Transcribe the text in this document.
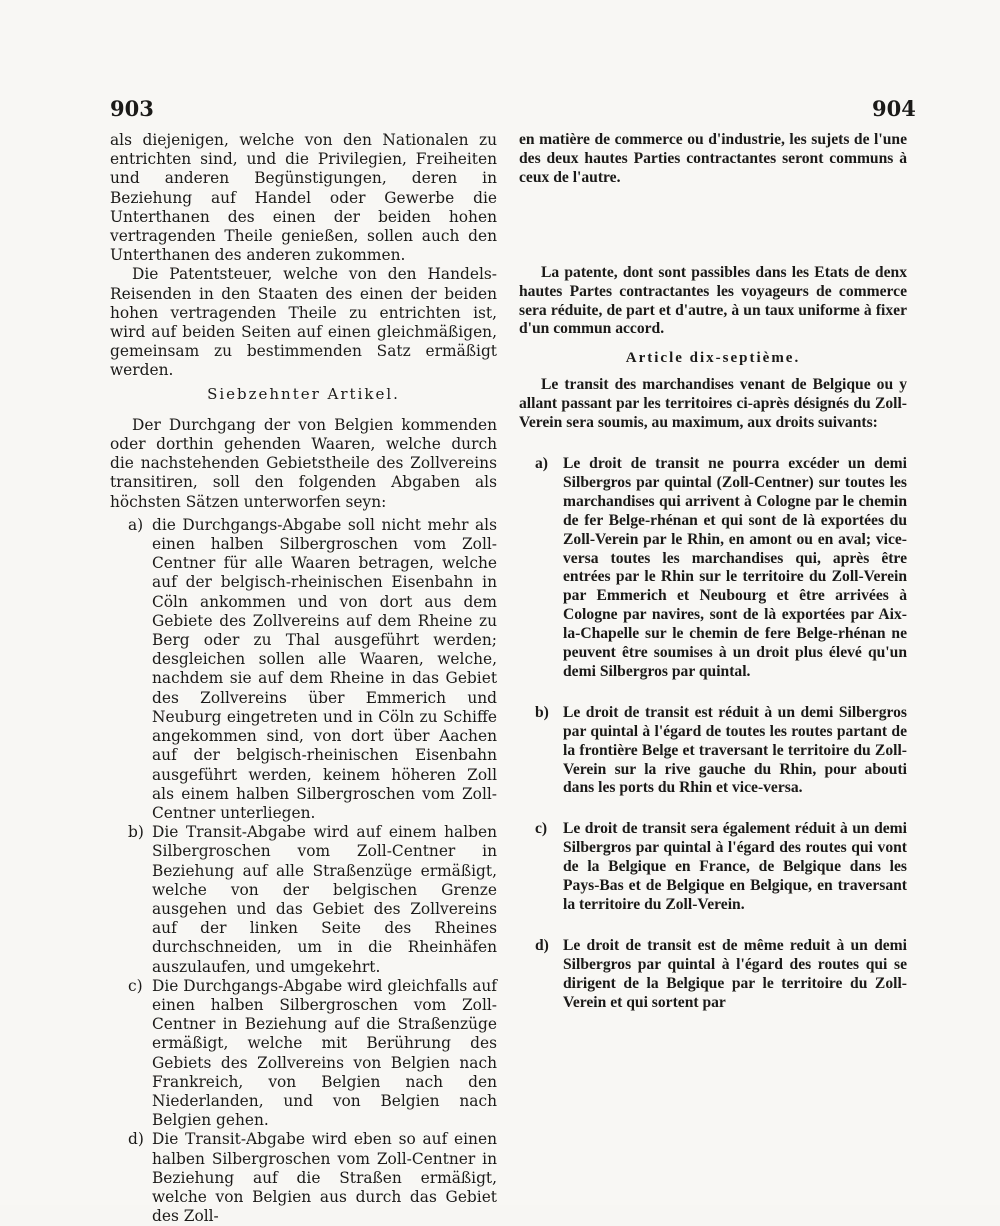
903	904

als diejenigen, welche von den Nationalen zu entrichten sind, und die Privilegien, Freiheiten und anderen Begünstigungen, deren in Beziehung auf Handel oder Gewerbe die Unterthanen des einen der beiden hohen vertragenden Theile genießen, sollen auch den Unterthanen des anderen zukommen.

Die Patentsteuer, welche von den Handels-Reisenden in den Staaten des einen der beiden hohen vertragenden Theile zu entrichten ist, wird auf beiden Seiten auf einen gleichmäßigen, gemeinsam zu bestimmenden Satz ermäßigt werden.

Siebzehnter Artikel.

Der Durchgang der von Belgien kommenden oder dorthin gehenden Waaren, welche durch die nachstehenden Gebietstheile des Zollvereins transitiren, soll den folgenden Abgaben als höchsten Sätzen unterworfen seyn:

a) die Durchgangs-Abgabe soll nicht mehr als einen halben Silbergroschen vom Zoll-Centner für alle Waaren betragen, welche auf der belgisch-rheinischen Eisenbahn in Cöln ankommen und von dort aus dem Gebiete des Zollvereins auf dem Rheine zu Berg oder zu Thal ausgeführt werden; desgleichen sollen alle Waaren, welche, nachdem sie auf dem Rheine in das Gebiet des Zollvereins über Emmerich und Neuburg eingetreten und in Cöln zu Schiffe angekommen sind, von dort über Aachen auf der belgisch-rheinischen Eisenbahn ausgeführt werden, keinem höheren Zoll als einem halben Silbergroschen vom Zoll-Centner unterliegen.
b) Die Transit-Abgabe wird auf einem halben Silbergroschen vom Zoll-Centner in Beziehung auf alle Straßenzüge ermäßigt, welche von der belgischen Grenze ausgehen und das Gebiet des Zollvereins auf der linken Seite des Rheines durchschneiden, um in die Rheinhäfen auszulaufen, und umgekehrt.
c) Die Durchgangs-Abgabe wird gleichfalls auf einen halben Silbergroschen vom Zoll-Centner in Beziehung auf die Straßenzüge ermäßigt, welche mit Berührung des Gebiets des Zollvereins von Belgien nach Frankreich, von Belgien nach den Niederlanden, und von Belgien nach Belgien gehen.
d) Die Transit-Abgabe wird eben so auf einen halben Silbergroschen vom Zoll-Centner in Beziehung auf die Straßen ermäßigt, welche von Belgien aus durch das Gebiet des Zoll-

en matière de commerce ou d'industrie, les sujets de l'une des deux hautes Parties contractantes seront communs à ceux de l'autre.

La patente, dont sont passibles dans les Etats de denx hautes Partes contractantes les voyageurs de commerce sera réduite, de part et d'autre, à un taux uniforme à fixer d'un commun accord.

Article dix-septième.

Le transit des marchandises venant de Belgique ou y allant passant par les territoires ci-après désignés du Zoll-Verein sera soumis, au maximum, aux droits suivants:

a) Le droit de transit ne pourra excéder un demi Silbergros par quintal (Zoll-Centner) sur toutes les marchandises qui arrivent à Cologne par le chemin de fer Belge-rhénan et qui sont de là exportées du Zoll-Verein par le Rhin, en amont ou en aval; vice-versa toutes les marchandises qui, après être entrées par le Rhin sur le territoire du Zoll-Verein par Emmerich et Neubourg et être arrivées à Cologne par navires, sont de là exportées par Aix-la-Chapelle sur le chemin de fere Belge-rhénan ne peuvent être soumises à un droit plus élevé qu'un demi Silbergros par quintal.
b) Le droit de transit est réduit à un demi Silbergros par quintal à l'égard de toutes les routes partant de la frontière Belge et traversant le territoire du Zoll-Verein sur la rive gauche du Rhin, pour abouti dans les ports du Rhin et vice-versa.
c) Le droit de transit sera également réduit à un demi Silbergros par quintal à l'égard des routes qui vont de la Belgique en France, de Belgique dans les Pays-Bas et de Belgique en Belgique, en traversant la territoire du Zoll-Verein.
d) Le droit de transit est de même reduit à un demi Silbergros par quintal à l'égard des routes qui se dirigent de la Belgique par le territoire du Zoll-Verein et qui sortent par
